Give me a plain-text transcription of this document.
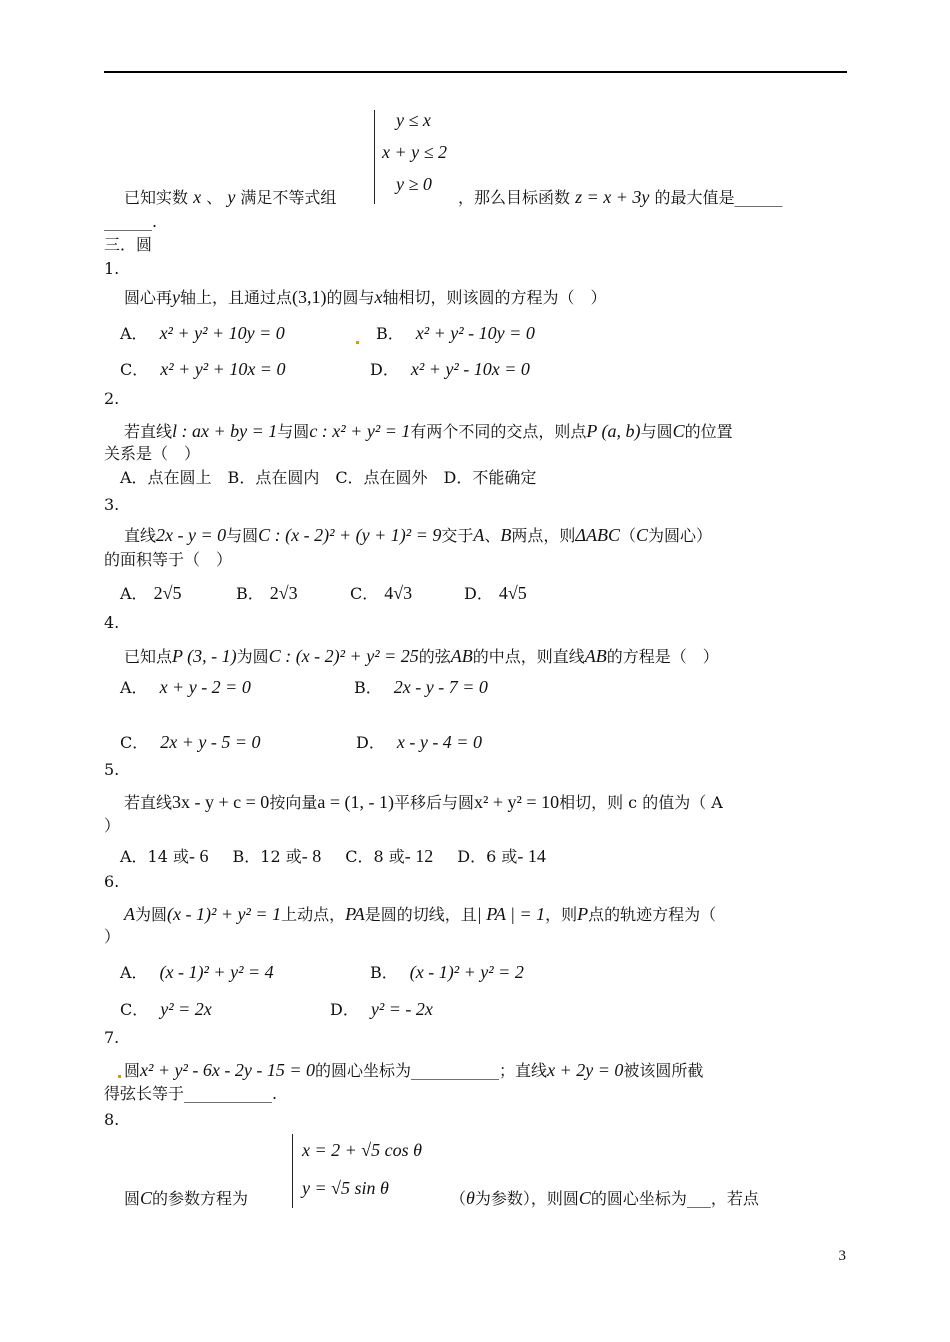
y ≤ x
x + y ≤ 2
y ≥ 0
已知实数 x 、 y 满足不等式组	，那么目标函数 z = x + 3y 的最大值是______
______.
三．圆
1.
圆心再y轴上，且通过点(3,1)的圆与x轴相切，则该圆的方程为（　）
A． x² + y² + 10y = 0	B． x² + y² - 10y = 0
C． x² + y² + 10x = 0	D． x² + y² - 10x = 0
2.
若直线l : ax + by = 1与圆c : x² + y² = 1有两个不同的交点，则点P (a, b)与圆C的位置
关系是（　）
A．点在圆上　B．点在圆内　C．点在圆外　D．不能确定
3.
直线2x - y = 0与圆C : (x - 2)² + (y + 1)² = 9交于A、B两点，则ΔABC（C为圆心）
的面积等于（　）
A． 2√5	B． 2√3	C． 4√3	D． 4√5
4.
已知点P (3, - 1)为圆C : (x - 2)² + y² = 25的弦AB的中点，则直线AB的方程是（　）
A． x + y - 2 = 0	B． 2x - y - 7 = 0
C． 2x + y - 5 = 0	D． x - y - 4 = 0
5.
若直线3x - y + c = 0按向量a = (1, - 1)平移后与圆x² + y² = 10相切，则 c 的值为（ A
）
A．14 或- 6 B．12 或- 8 C．8 或- 12 D．6 或- 14
6.
A为圆(x - 1)² + y² = 1上动点，PA是圆的切线，且| PA | = 1，则P点的轨迹方程为（
）
A． (x - 1)² + y² = 4	B． (x - 1)² + y² = 2
C． y² = 2x	D． y² = - 2x
7.
圆x² + y² - 6x - 2y - 15 = 0的圆心坐标为___________；直线x + 2y = 0被该圆所截
得弦长等于___________.
8.
x = 2 + √5 cos θ
y = √5 sin θ
圆C的参数方程为	（θ为参数），则圆C的圆心坐标为___，若点
3
